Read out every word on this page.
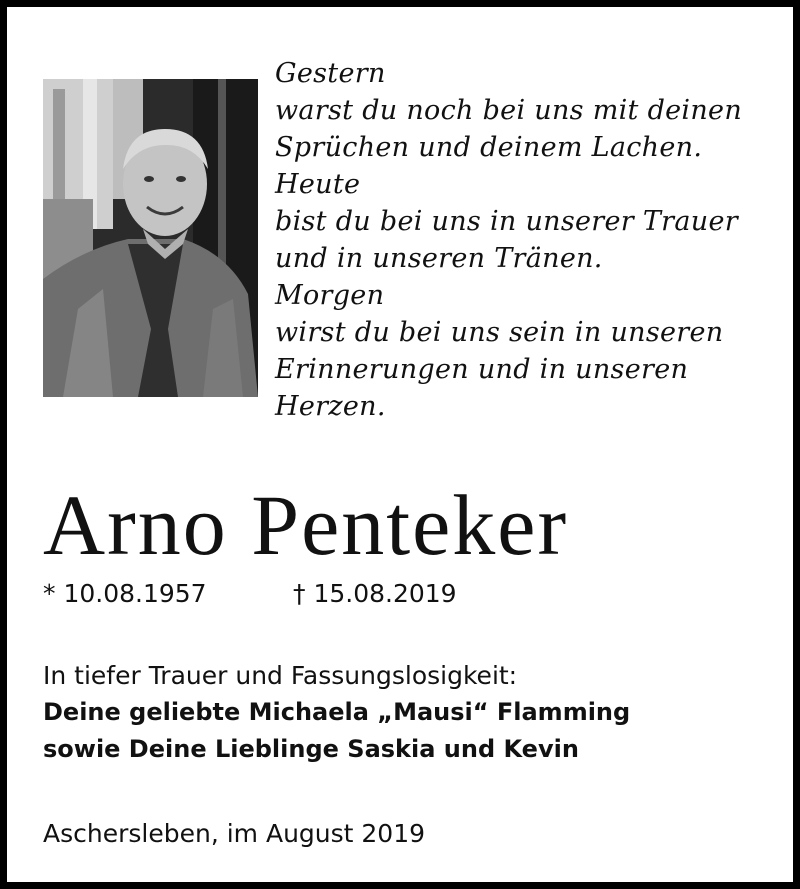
Gestern
warst du noch bei uns mit deinen
Sprüchen und deinem Lachen.
Heute
bist du bei uns in unserer Trauer
und in unseren Tränen.
Morgen
wirst du bei uns sein in unseren
Erinnerungen und in unseren
Herzen.
Arno Penteker
* 10.08.1957	† 15.08.2019
In tiefer Trauer und Fassungslosigkeit:
Deine geliebte Michaela „Mausi“ Flamming
sowie Deine Lieblinge Saskia und Kevin
Aschersleben, im August 2019
